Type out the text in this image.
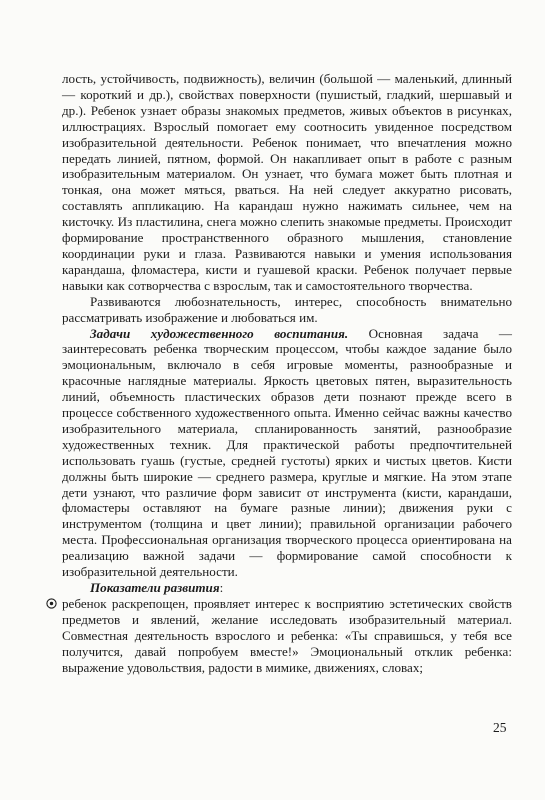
лость, устойчивость, подвижность), величин (большой — маленький, длинный — короткий и др.), свойствах поверхности (пушистый, гладкий, шершавый и др.). Ребенок узнает образы знакомых предметов, живых объектов в рисунках, иллюстрациях. Взрослый помогает ему соотносить увиденное посредством изобразительной деятельности. Ребенок понимает, что впечатления можно передать линией, пятном, формой. Он накапливает опыт в работе с разным изобразительным материалом. Он узнает, что бумага может быть плотная и тонкая, она может мяться, рваться. На ней следует аккуратно рисовать, составлять аппликацию. На карандаш нужно нажимать сильнее, чем на кисточку. Из пластилина, снега можно слепить знакомые предметы. Происходит формирование пространственного образного мышления, становление координации руки и глаза. Развиваются навыки и умения использования карандаша, фломастера, кисти и гуашевой краски. Ребенок получает первые навыки как сотворчества с взрослым, так и самостоятельного творчества.

Развиваются любознательность, интерес, способность внимательно рассматривать изображение и любоваться им.

Задачи художественного воспитания. Основная задача — заинтересовать ребенка творческим процессом, чтобы каждое задание было эмоциональным, включало в себя игровые моменты, разнообразные и красочные наглядные материалы. Яркость цветовых пятен, выразительность линий, объемность пластических образов дети познают прежде всего в процессе собственного художественного опыта. Именно сейчас важны качество изобразительного материала, спланированность занятий, разнообразие художественных техник. Для практической работы предпочтительней использовать гуашь (густые, средней густоты) ярких и чистых цветов. Кисти должны быть широкие — среднего размера, круглые и мягкие. На этом этапе дети узнают, что различие форм зависит от инструмента (кисти, карандаши, фломастеры оставляют на бумаге разные линии); движения руки с инструментом (толщина и цвет линии); правильной организации рабочего места. Профессиональная организация творческого процесса ориентирована на реализацию важной задачи — формирование самой способности к изобразительной деятельности.

Показатели развития:

ребенок раскрепощен, проявляет интерес к восприятию эстетических свойств предметов и явлений, желание исследовать изобразительный материал. Совместная деятельность взрослого и ребенка: «Ты справишься, у тебя все получится, давай попробуем вместе!» Эмоциональный отклик ребенка: выражение удовольствия, радости в мимике, движениях, словах;

25
